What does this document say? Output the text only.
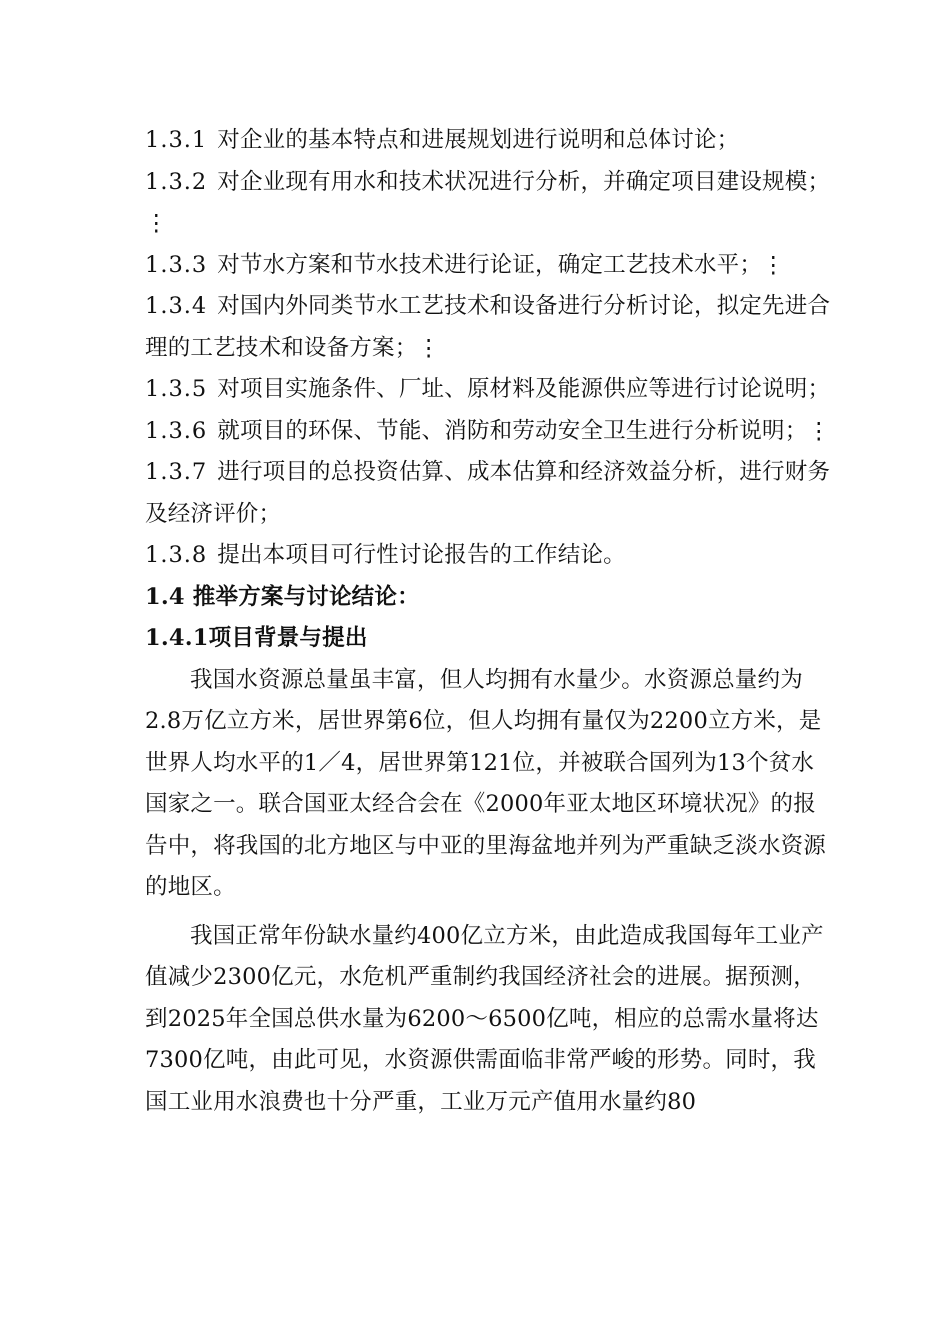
1.3.1 对企业的基本特点和进展规划进行说明和总体讨论；

1.3.2 对企业现有用水和技术状况进行分析，并确定项目建设规模；⋮

1.3.3 对节水方案和节水技术进行论证，确定工艺技术水平；⋮

1.3.4 对国内外同类节水工艺技术和设备进行分析讨论，拟定先进合理的工艺技术和设备方案；⋮

1.3.5 对项目实施条件、厂址、原材料及能源供应等进行讨论说明；

1.3.6 就项目的环保、节能、消防和劳动安全卫生进行分析说明；⋮

1.3.7 进行项目的总投资估算、成本估算和经济效益分析，进行财务及经济评价；

1.3.8 提出本项目可行性讨论报告的工作结论。

1.4 推举方案与讨论结论：

1.4.1项目背景与提出

我国水资源总量虽丰富，但人均拥有水量少。水资源总量约为2.8万亿立方米，居世界第6位，但人均拥有量仅为2200立方米，是世界人均水平的1／4，居世界第121位，并被联合国列为13个贫水国家之一。联合国亚太经合会在《2000年亚太地区环境状况》的报告中，将我国的北方地区与中亚的里海盆地并列为严重缺乏淡水资源的地区。

我国正常年份缺水量约400亿立方米，由此造成我国每年工业产值减少2300亿元，水危机严重制约我国经济社会的进展。据预测，到2025年全国总供水量为6200～6500亿吨，相应的总需水量将达7300亿吨，由此可见，水资源供需面临非常严峻的形势。同时，我国工业用水浪费也十分严重，工业万元产值用水量约80
